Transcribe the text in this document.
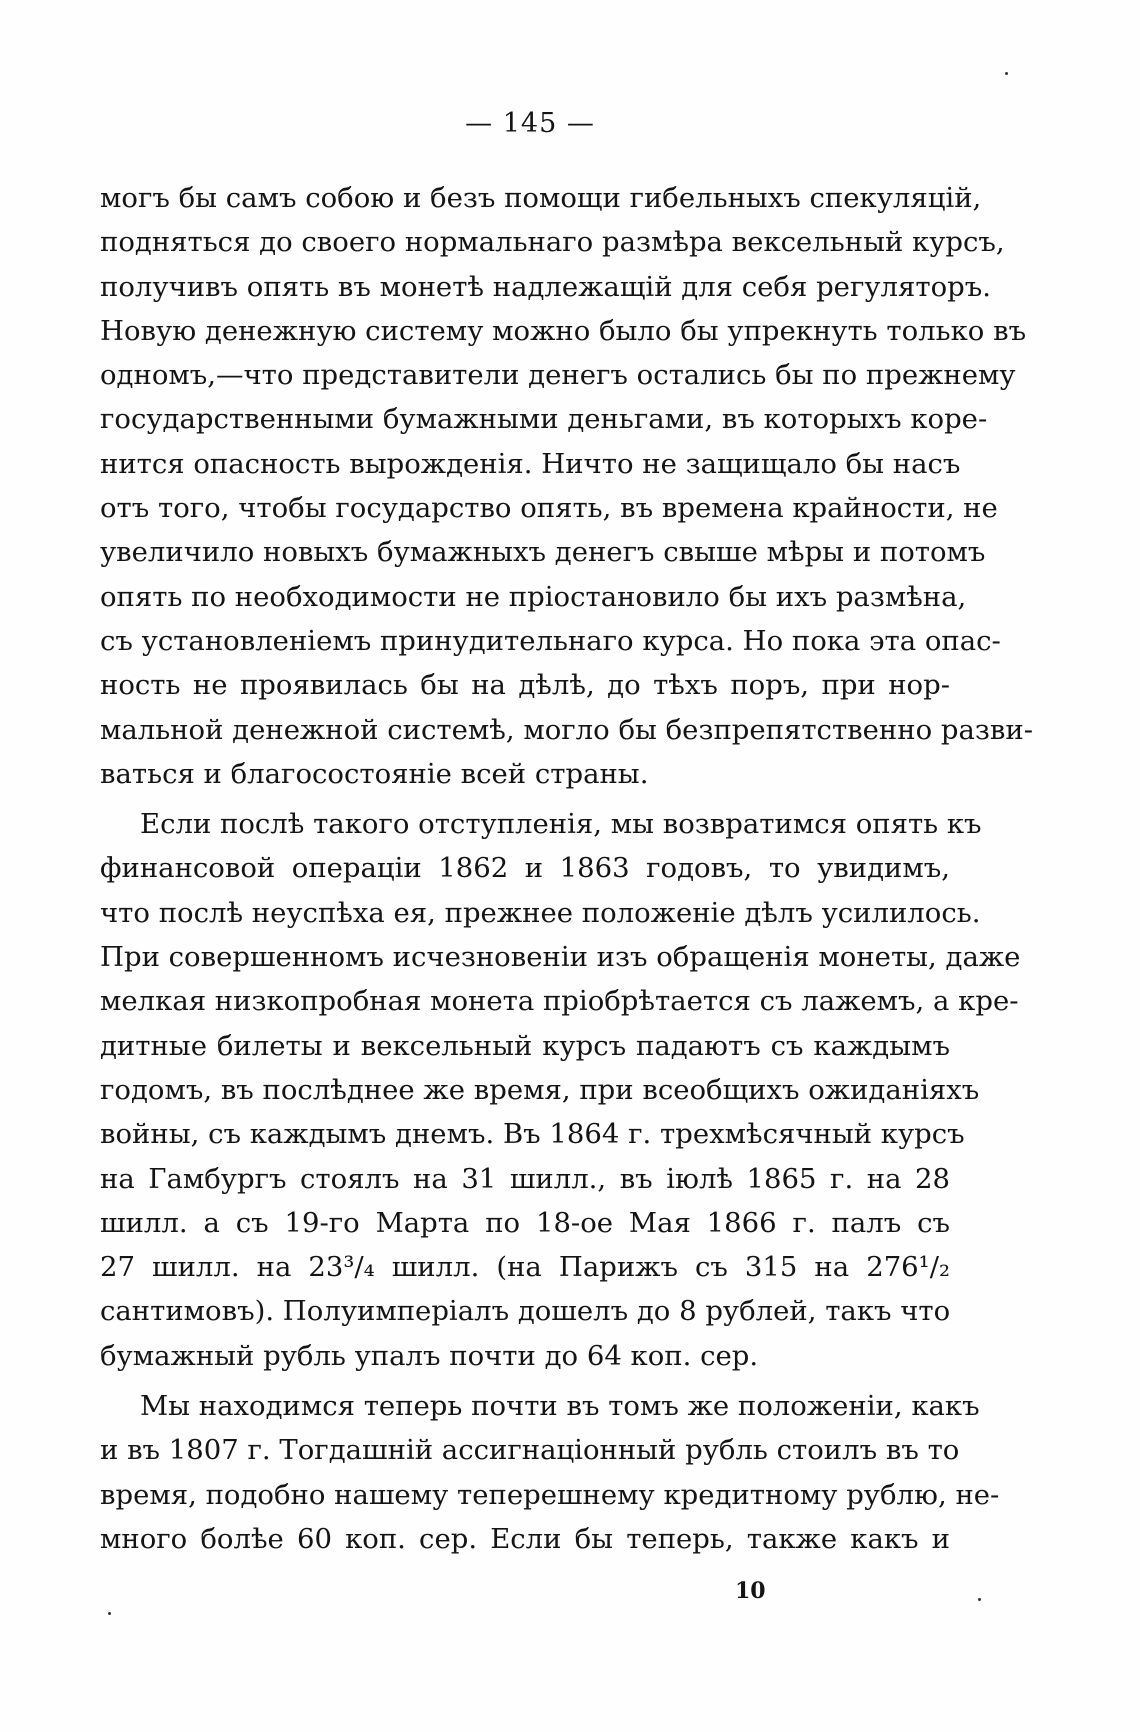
— 145 —
могъ бы самъ собою и безъ помощи гибельныхъ спекуляцій,
подняться до своего нормальнаго размѣра вексельный курсъ,
получивъ опять въ монетѣ надлежащій для себя регуляторъ.
Новую денежную систему можно было бы упрекнуть только въ
одномъ,—что представители денегъ остались бы по прежнему
государственными бумажными деньгами, въ которыхъ коре-
нится опасность вырожденія. Ничто не защищало бы насъ
отъ того, чтобы государство опять, въ времена крайности, не
увеличило новыхъ бумажныхъ денегъ свыше мѣры и потомъ
опять по необходимости не пріостановило бы ихъ размѣна,
съ установленіемъ принудительнаго курса. Но пока эта опас-
ность не проявилась бы на дѣлѣ, до тѣхъ поръ, при нор-
мальной денежной системѣ, могло бы безпрепятственно разви-
ваться и благосостояніе всей страны.
Если послѣ такого отступленія, мы возвратимся опять къ
финансовой операціи 1862 и 1863 годовъ, то увидимъ,
что послѣ неуспѣха ея, прежнее положеніе дѣлъ усилилось.
При совершенномъ исчезновеніи изъ обращенія монеты, даже
мелкая низкопробная монета пріобрѣтается съ лажемъ, а кре-
дитные билеты и вексельный курсъ падаютъ съ каждымъ
годомъ, въ послѣднее же время, при всеобщихъ ожиданіяхъ
войны, съ каждымъ днемъ. Въ 1864 г. трехмѣсячный курсъ
на Гамбургъ стоялъ на 31 шилл., въ іюлѣ 1865 г. на 28
шилл. а съ 19-го Марта по 18-ое Мая 1866 г. палъ съ
27 шилл. на 23³/₄ шилл. (на Парижъ съ 315 на 276¹/₂
сантимовъ). Полуимперіалъ дошелъ до 8 рублей, такъ что
бумажный рубль упалъ почти до 64 коп. сер.
Мы находимся теперь почти въ томъ же положеніи, какъ
и въ 1807 г. Тогдашній ассигнаціонный рубль стоилъ въ то
время, подобно нашему теперешнему кредитному рублю, не-
много болѣе 60 коп. сер. Если бы теперь, также какъ и
10
